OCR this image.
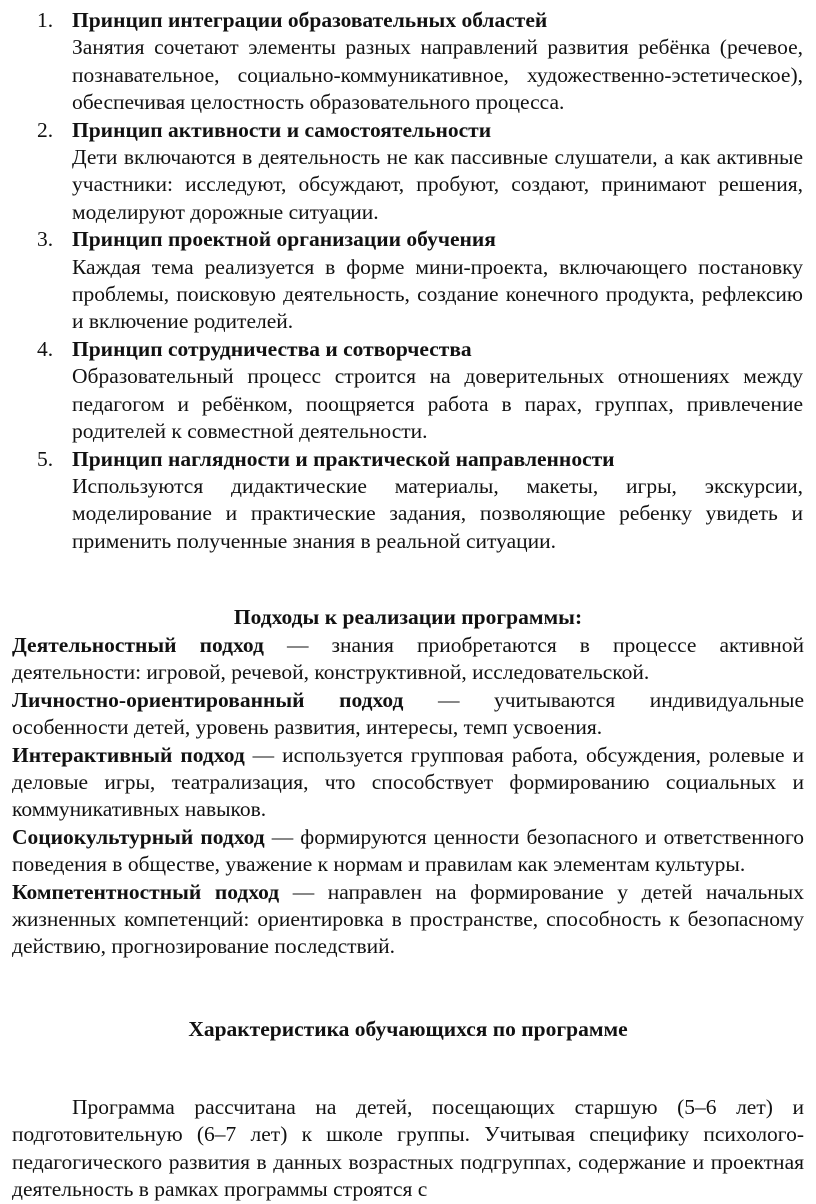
1. Принцип интеграции образовательных областей
Занятия сочетают элементы разных направлений развития ребёнка (речевое, познавательное, социально-коммуникативное, художественно-эстетическое), обеспечивая целостность образовательного процесса.
2. Принцип активности и самостоятельности
Дети включаются в деятельность не как пассивные слушатели, а как активные участники: исследуют, обсуждают, пробуют, создают, принимают решения, моделируют дорожные ситуации.
3. Принцип проектной организации обучения
Каждая тема реализуется в форме мини-проекта, включающего постановку проблемы, поисковую деятельность, создание конечного продукта, рефлексию и включение родителей.
4. Принцип сотрудничества и сотворчества
Образовательный процесс строится на доверительных отношениях между педагогом и ребёнком, поощряется работа в парах, группах, привлечение родителей к совместной деятельности.
5. Принцип наглядности и практической направленности
Используются дидактические материалы, макеты, игры, экскурсии, моделирование и практические задания, позволяющие ребенку увидеть и применить полученные знания в реальной ситуации.
Подходы к реализации программы:

Деятельностный подход — знания приобретаются в процессе активной деятельности: игровой, речевой, конструктивной, исследовательской.

Личностно-ориентированный подход — учитываются индивидуальные особенности детей, уровень развития, интересы, темп усвоения.

Интерактивный подход — используется групповая работа, обсуждения, ролевые и деловые игры, театрализация, что способствует формированию социальных и коммуникативных навыков.

Социокультурный подход — формируются ценности безопасного и ответственного поведения в обществе, уважение к нормам и правилам как элементам культуры.

Компетентностный подход — направлен на формирование у детей начальных жизненных компетенций: ориентировка в пространстве, способность к безопасному действию, прогнозирование последствий.

Характеристика обучающихся по программе

Программа рассчитана на детей, посещающих старшую (5–6 лет) и подготовительную (6–7 лет) к школе группы. Учитывая специфику психолого-педагогического развития в данных возрастных подгруппах, содержание и проектная деятельность в рамках программы строятся с
